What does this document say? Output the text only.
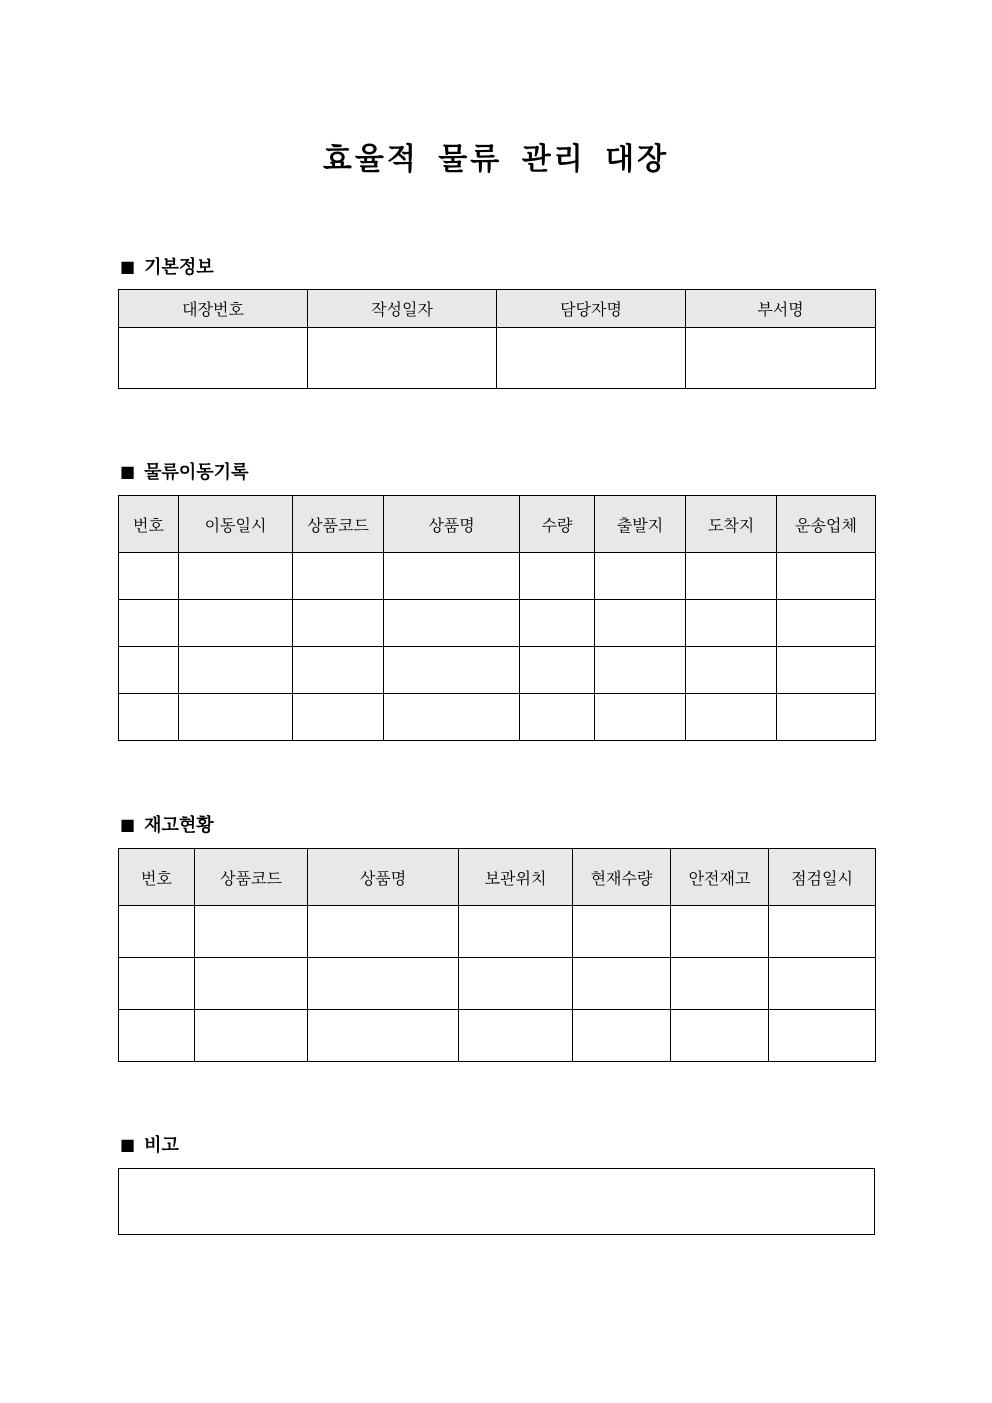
효율적 물류 관리 대장
■ 기본정보
대장번호	작성일자	담당자명	부서명

■ 물류이동기록
번호	이동일시	상품코드	상품명	수량	출발지	도착지	운송업체

■ 재고현황
번호	상품코드	상품명	보관위치	현재수량	안전재고	점검일시

■ 비고
